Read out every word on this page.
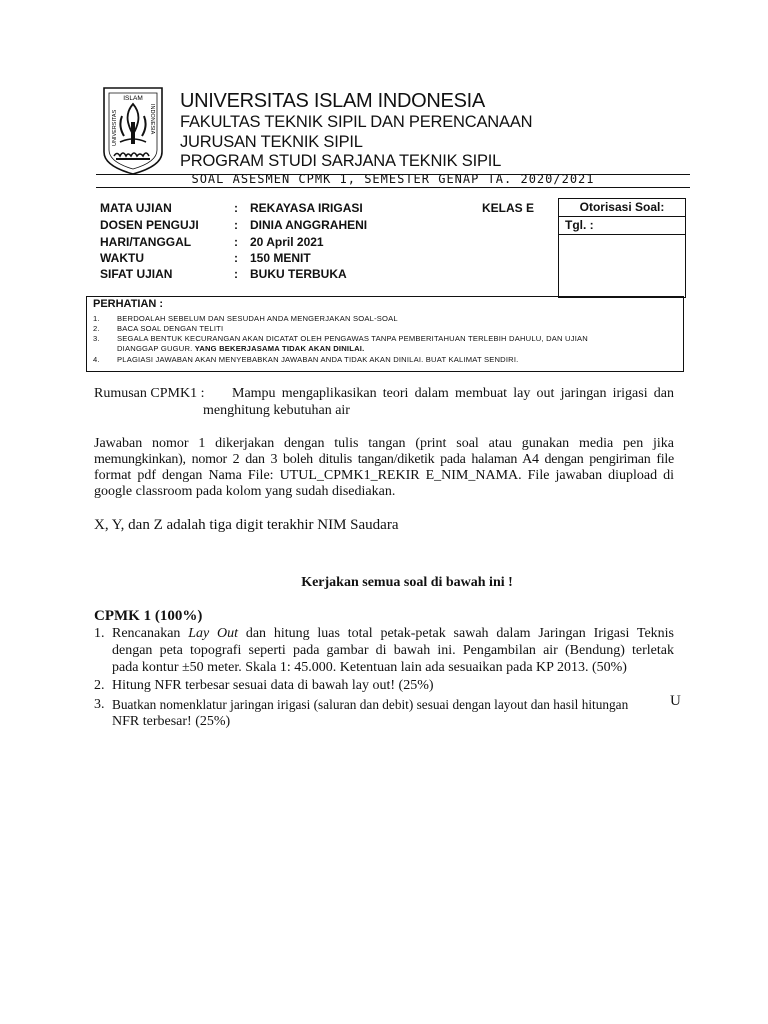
ISLAM
UNIVERSITAS	INDONESIA
UNIVERSITAS ISLAM INDONESIA
FAKULTAS TEKNIK SIPIL DAN PERENCANAAN
JURUSAN TEKNIK SIPIL
PROGRAM STUDI SARJANA TEKNIK SIPIL
SOAL ASESMEN CPMK 1, SEMESTER GENAP TA. 2020/2021
MATA UJIAN	: REKAYASA IRIGASI
DOSEN PENGUJI	: DINIA ANGGRAHENI
HARI/TANGGAL	: 20 April 2021
WAKTU	: 150 MENIT
SIFAT UJIAN	: BUKU TERBUKA
KELAS E	Otorisasi Soal:
Tgl. :
PERHATIAN :
1. BERDOALAH SEBELUM DAN SESUDAH ANDA MENGERJAKAN SOAL-SOAL
2. BACA SOAL DENGAN TELITI
3. SEGALA BENTUK KECURANGAN AKAN DICATAT OLEH PENGAWAS TANPA PEMBERITAHUAN TERLEBIH DAHULU, DAN UJIAN
DIANGGAP GUGUR. YANG BEKERJASAMA TIDAK AKAN DINILAI.
4. PLAGIASI JAWABAN AKAN MENYEBABKAN JAWABAN ANDA TIDAK AKAN DINILAI. BUAT KALIMAT SENDIRI.
Rumusan CPMK1 : Mampu mengaplikasikan teori dalam membuat lay out jaringan irigasi dan
menghitung kebutuhan air
Jawaban nomor 1 dikerjakan dengan tulis tangan (print soal atau gunakan media pen jika
memungkinkan), nomor 2 dan 3 boleh ditulis tangan/diketik pada halaman A4 dengan pengiriman file
format pdf dengan Nama File: UTUL_CPMK1_REKIR E_NIM_NAMA. File jawaban diupload di
google classroom pada kolom yang sudah disediakan.
X, Y, dan Z adalah tiga digit terakhir NIM Saudara
Kerjakan semua soal di bawah ini !
CPMK 1 (100%)
1. Rencanakan Lay Out dan hitung luas total petak-petak sawah dalam Jaringan Irigasi Teknis
dengan peta topografi seperti pada gambar di bawah ini. Pengambilan air (Bendung) terletak
pada kontur ±50 meter. Skala 1: 45.000. Ketentuan lain ada sesuaikan pada KP 2013. (50%)
2. Hitung NFR terbesar sesuai data di bawah lay out! (25%)
3. Buatkan nomenklatur jaringan irigasi (saluran dan debit) sesuai dengan layout dan hasil hitungan
NFR terbesar! (25%)
U
